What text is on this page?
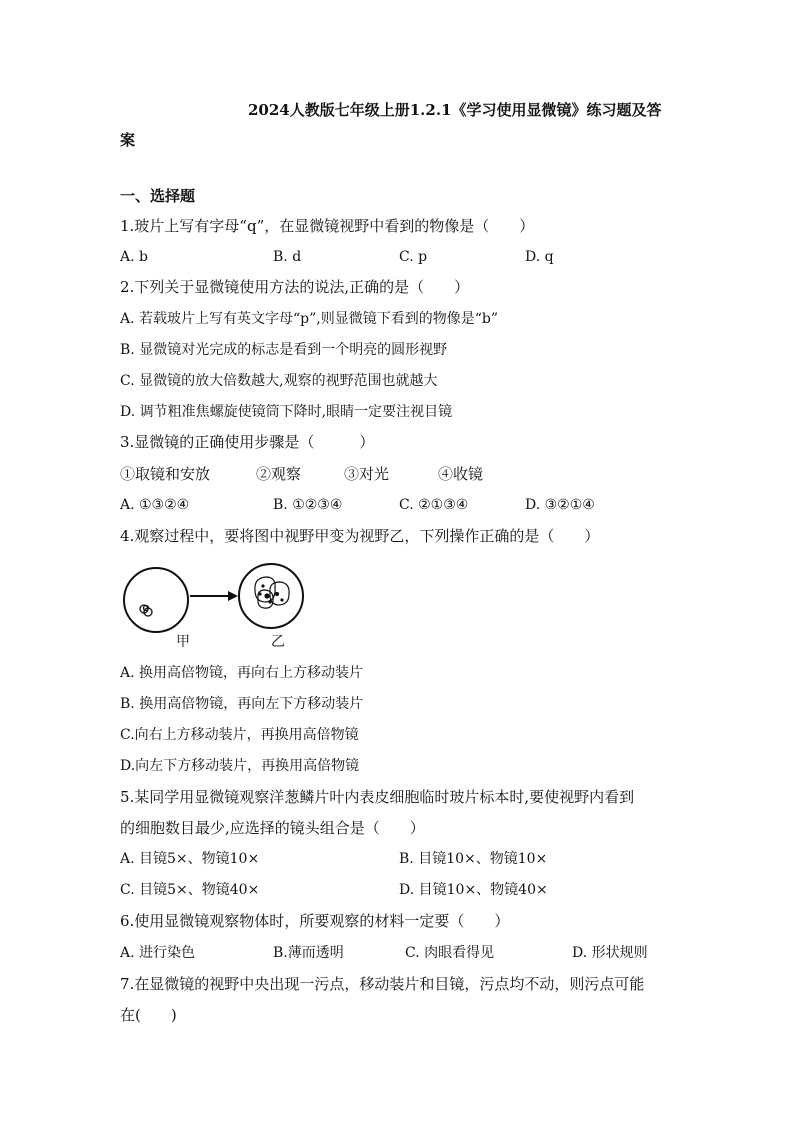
2024人教版七年级上册1.2.1《学习使用显微镜》练习题及答
案
一、选择题
1.玻片上写有字母“q”，在显微镜视野中看到的物像是（　　）
A. b	B. d	C. p	D. q
2.下列关于显微镜使用方法的说法,正确的是（　　）
A. 若载玻片上写有英文字母“p”,则显微镜下看到的物像是“b”
B. 显微镜对光完成的标志是看到一个明亮的圆形视野
C. 显微镜的放大倍数越大,观察的视野范围也就越大
D. 调节粗准焦螺旋使镜筒下降时,眼睛一定要注视目镜
3.显微镜的正确使用步骤是（　　　）
①取镜和安放	②观察	③对光	④收镜
A. ①③②④	B. ①②③④	C. ②①③④	D. ③②①④
4.观察过程中，要将图中视野甲变为视野乙，下列操作正确的是（　　）
甲	乙
A. 换用高倍物镜，再向右上方移动装片
B. 换用高倍物镜，再向左下方移动装片
C.向右上方移动装片，再换用高倍物镜
D.向左下方移动装片，再换用高倍物镜
5.某同学用显微镜观察洋葱鳞片叶内表皮细胞临时玻片标本时,要使视野内看到
的细胞数目最少,应选择的镜头组合是（　　）
A. 目镜5×、物镜10×	B. 目镜10×、物镜10×
C. 目镜5×、物镜40×	D. 目镜10×、物镜40×
6.使用显微镜观察物体时，所要观察的材料一定要（　　）
A. 进行染色	B.薄而透明	C. 肉眼看得见	D. 形状规则
7.在显微镜的视野中央出现一污点，移动装片和目镜，污点均不动，则污点可能
在(　　)
